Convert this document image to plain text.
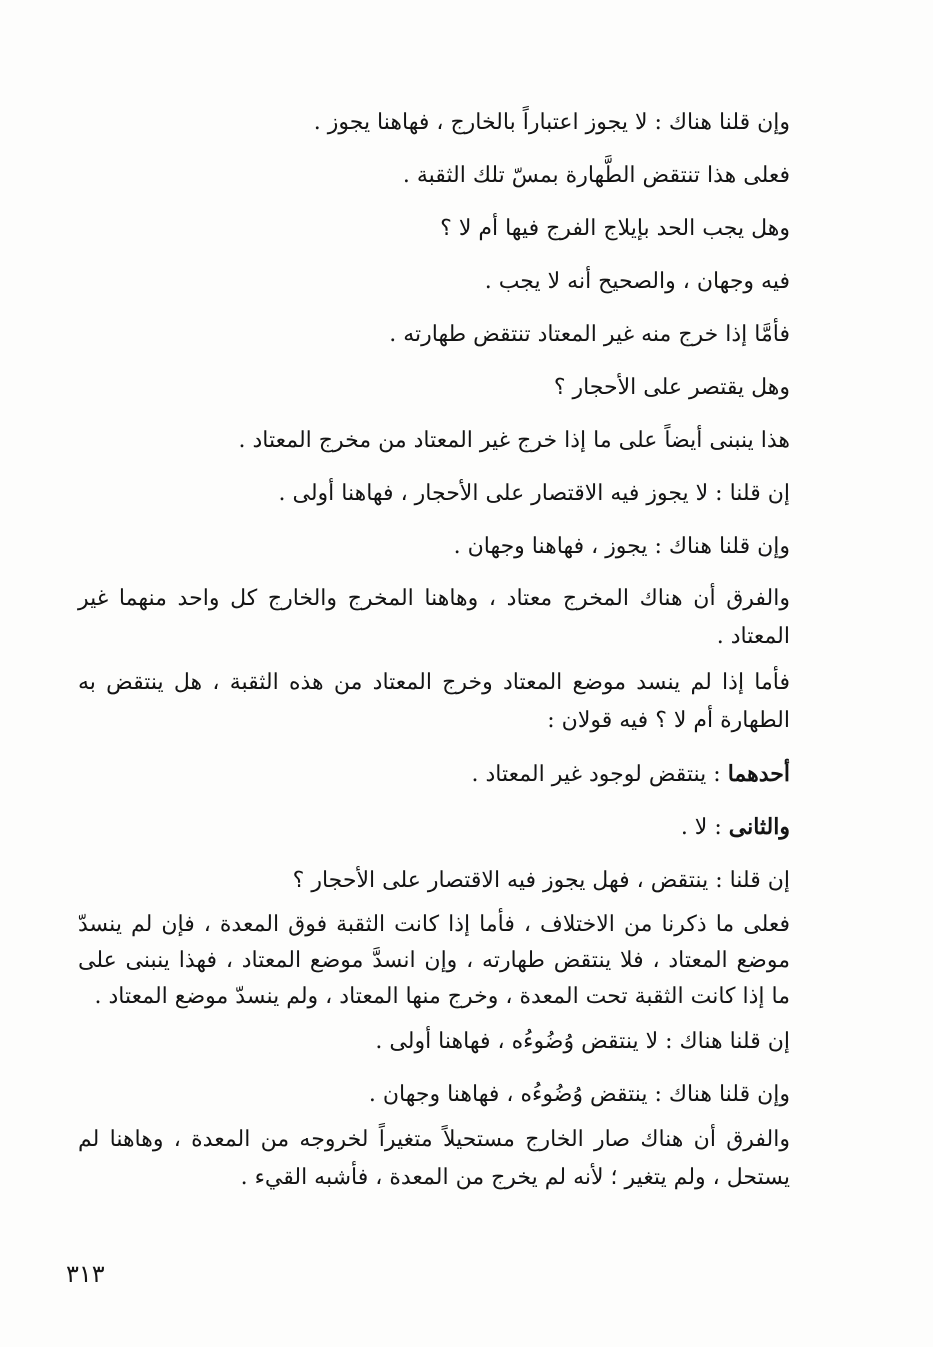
وإن قلنا هناك : لا يجوز اعتباراً بالخارج ، فهاهنا يجوز .

فعلى هذا تنتقض الطَّهارة بمسّ تلك الثقبة .

وهل يجب الحد بإيلاج الفرج فيها أم لا ؟

فيه وجهان ، والصحيح أنه لا يجب .

فأمَّا إذا خرج منه غير المعتاد تنتقض طهارته .

وهل يقتصر على الأحجار ؟

هذا ينبنى أيضاً على ما إذا خرج غير المعتاد من مخرج المعتاد .

إن قلنا : لا يجوز فيه الاقتصار على الأحجار ، فهاهنا أولى .

وإن قلنا هناك : يجوز ، فهاهنا وجهان .

والفرق أن هناك المخرج معتاد ، وهاهنا المخرج والخارج كل واحد منهما غير المعتاد .

فأما إذا لم ينسد موضع المعتاد وخرج المعتاد من هذه الثقبة ، هل ينتقض به الطهارة أم لا ؟ فيه قولان :

أحدهما : ينتقض لوجود غير المعتاد .

والثانى : لا .

إن قلنا : ينتقض ، فهل يجوز فيه الاقتصار على الأحجار ؟

فعلى ما ذكرنا من الاختلاف ، فأما إذا كانت الثقبة فوق المعدة ، فإن لم ينسدّ موضع المعتاد ، فلا ينتقض طهارته ، وإن انسدَّ موضع المعتاد ، فهذا ينبنى على ما إذا كانت الثقبة تحت المعدة ، وخرج منها المعتاد ، ولم ينسدّ موضع المعتاد .

إن قلنا هناك : لا ينتقض وُضُوءُه ، فهاهنا أولى .

وإن قلنا هناك : ينتقض وُضُوءُه ، فهاهنا وجهان .

والفرق أن هناك صار الخارج مستحيلاً متغيراً لخروجه من المعدة ، وهاهنا لم يستحل ، ولم يتغير ؛ لأنه لم يخرج من المعدة ، فأشبه القيء .

٣١٣
